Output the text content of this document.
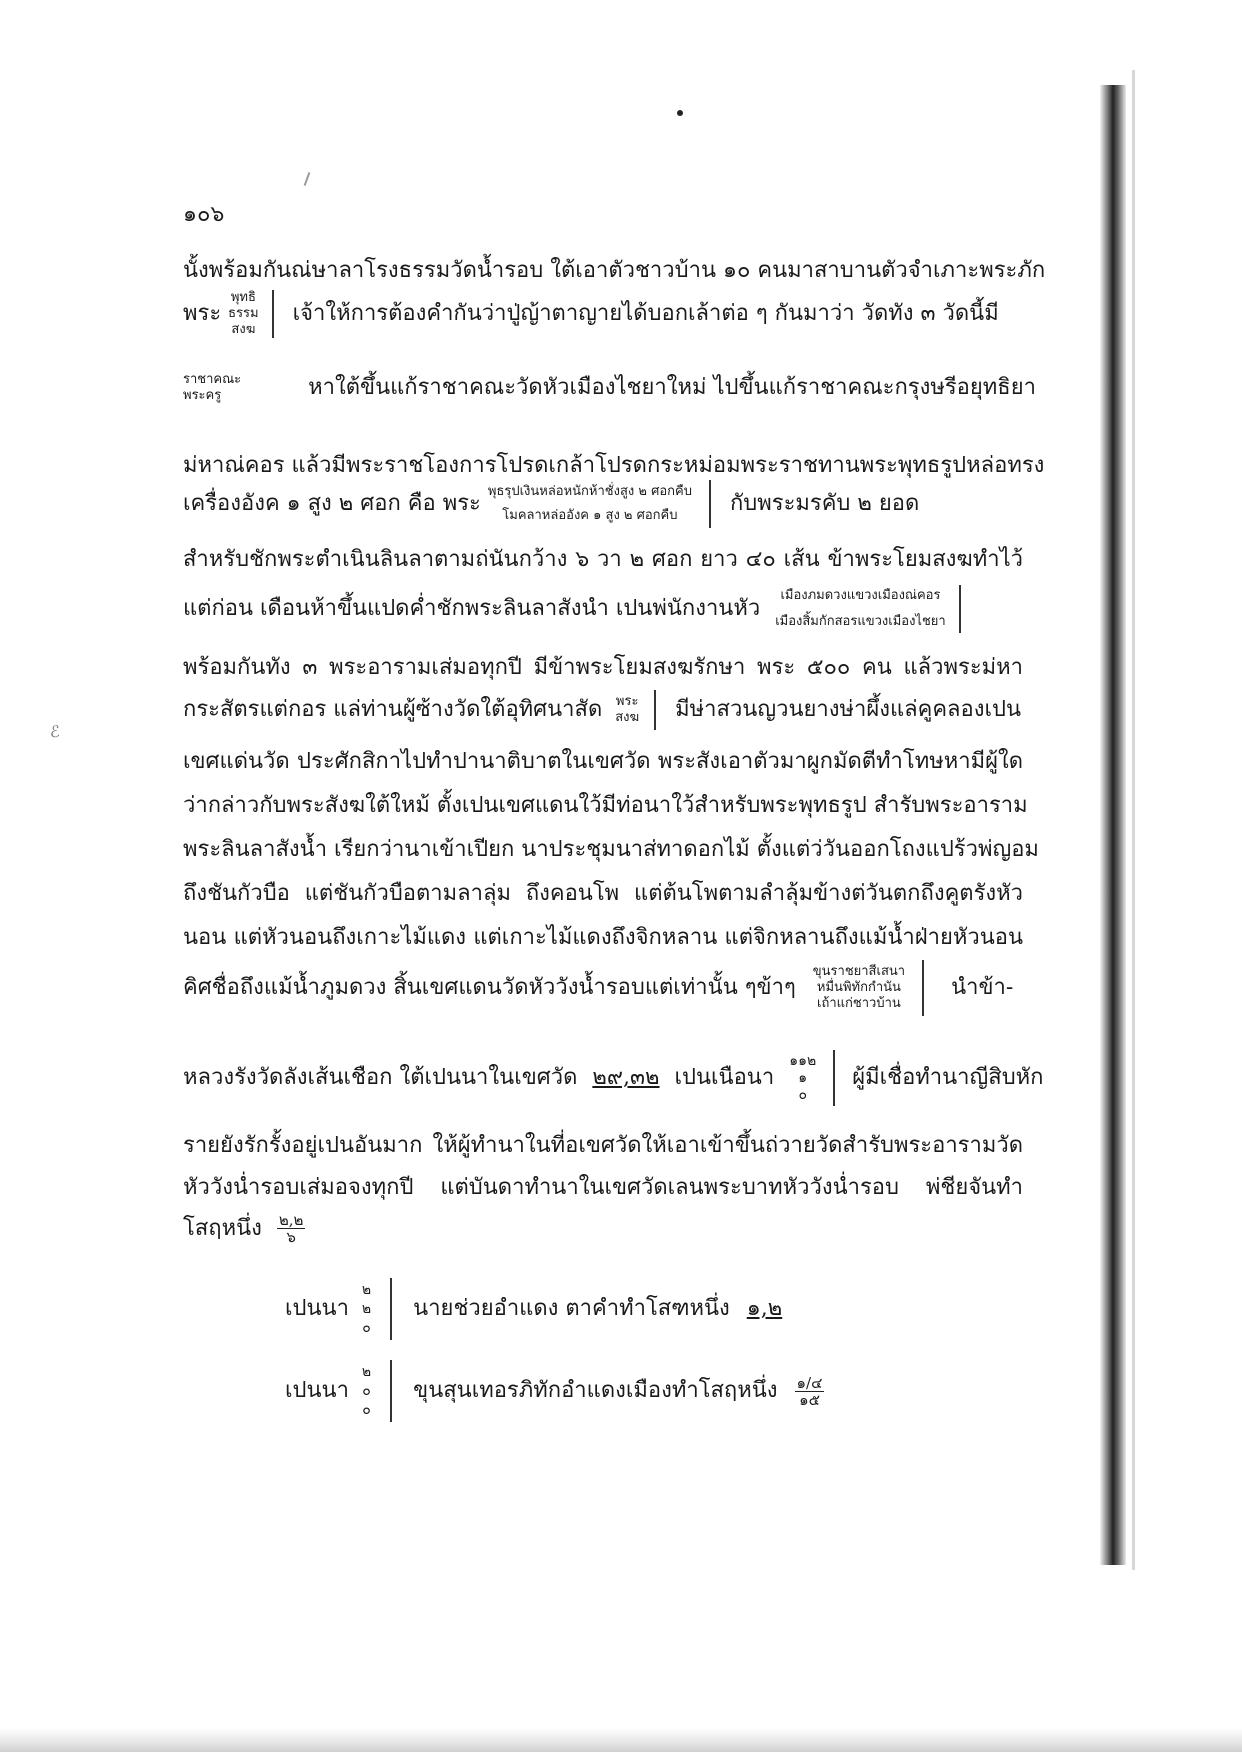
ℰ
๑๐๖
นั้งพร้อมกันณ่ษาลาโรงธรรมวัดน้ำรอบ ใต้เอาตัวชาวบ้าน ๑๐ คนมาสาบานตัวจำเภาะพระภัก
พระ
พุทธิ
ธรรม
สงฆ
เจ้าให้การต้องคำกันว่าปู่ญ้าตาญายได้บอกเล้าต่อ ๆ กันมาว่า วัดทัง ๓ วัดนี้มี
ราชาคณะ
พระครู	หาใต้ขึ้นแก้ราชาคณะวัดหัวเมืองไชยาใหม่ ไปขึ้นแก้ราชาคณะกรุงษรีอยุทธิยา
ม่หาณ่คอร แล้วมีพระราชโองการโปรดเกล้าโปรดกระหม่อมพระราชทานพระพุทธรูปหล่อทรง
เครื่องอังค ๑ สูง ๒ ศอก คือ พระ พุธรุปเงินหล่อหนักห้าชั่งสูง ๒ ศอกคืบ
โมคลาหล่ออังค ๑ สูง ๒ ศอกคืบ	กับพระมรคับ ๒ ยอด
สำหรับชักพระตำเนินลินลาตามถ่นันกว้าง ๖ วา ๒ ศอก ยาว ๔๐ เส้น ข้าพระโยมสงฆทำไว้
แต่ก่อน เดือนห้าขึ้นแปดค่ำชักพระลินลาสังนำ เปนพ่นักงานหัว
เมืองภมดวงแขวงเมืองณ่คอร
เมืองสิ้มกักสอรแขวงเมืองไชยา

พร้อมกันทัง ๓ พระอารามเส่มอทุกปี มีข้าพระโยมสงฆรักษา พระ ๕๐๐ คน แล้วพระม่หา
กระสัตรแต่กอร แล่ท่านผู้ซ้างวัดใต้อุทิศนาสัด พระ
สงฆ มีษ่าสวนญวนยางษ่าผึ้งแล่คูคลองเปน
เขศแด่นวัด ประศักสิกาไปทำปานาติบาตในเขศวัด พระสังเอาตัวมาผูกมัดตีทำโทษหามีผู้ใด
ว่ากล่าวกับพระสังฆใต้ใหม้ ตั้งเปนเขศแดนใว้มีท่อนาใว้สำหรับพระพุทธรูป สำรับพระอาราม
พระลินลาสังน้ำ เรียกว่านาเข้าเปียก นาประชุมนาส่ทาดอกไม้ ตั้งแต่ว่วันออกโถงแปร้วพ่ญอม
ถึงชันกัวบือ แต่ชันกัวบือตามลาลุ่ม ถึงคอนโพ แต่ต้นโพตามลำลุ้มข้างต่วันตกถึงคูตรังหัว
นอน แต่หัวนอนถึงเกาะไม้แดง แต่เกาะไม้แดงถึงจิกหลาน แต่จิกหลานถึงแม้น้ำฝ่ายหัวนอน
คิศชื่อถึงแม้น้ำภูมดวง สิ้นเขศแดนวัดหัววังน้ำรอบแต่เท่านั้น ๆข้าๆ
ขุนราชยาสีเสนา
หมื่นพิทักกำนัน
เถ้าแก่ชาวบ้าน
นำข้า-
หลวงรังวัดลังเส้นเชือก ใต้เปนนาในเขศวัด ๒๙,๓๒ เปนเนือนา
๑๑๒
๑
๐
ผู้มีเชื่อทำนาญีสิบหัก
รายยังรักรั้งอยู่เปนอันมาก ให้ผู้ทำนาในที่อเขศวัดให้เอาเข้าขึ้นถ่วายวัดสำรับพระอารามวัด
หัววังน่ำรอบเส่มอจงทุกปี แต่บันดาทำนาในเขศวัดเลนพระบาทหัววังน่ำรอบ พ่ชียจันทำ
โสฤหนึ่ง $\frac{๒,๒}{๖}$
เปนนา
๒
๒
๐
นายช่วยอำแดง ตาคำทำโสฑหนึ่ง ๑,๒
เปนนา
๒
๐
๐
ขุนสุนเทอรภิทักอำแดงเมืองทำโสฤหนึ่ง $\frac{๑/๔}{๑๕}$
